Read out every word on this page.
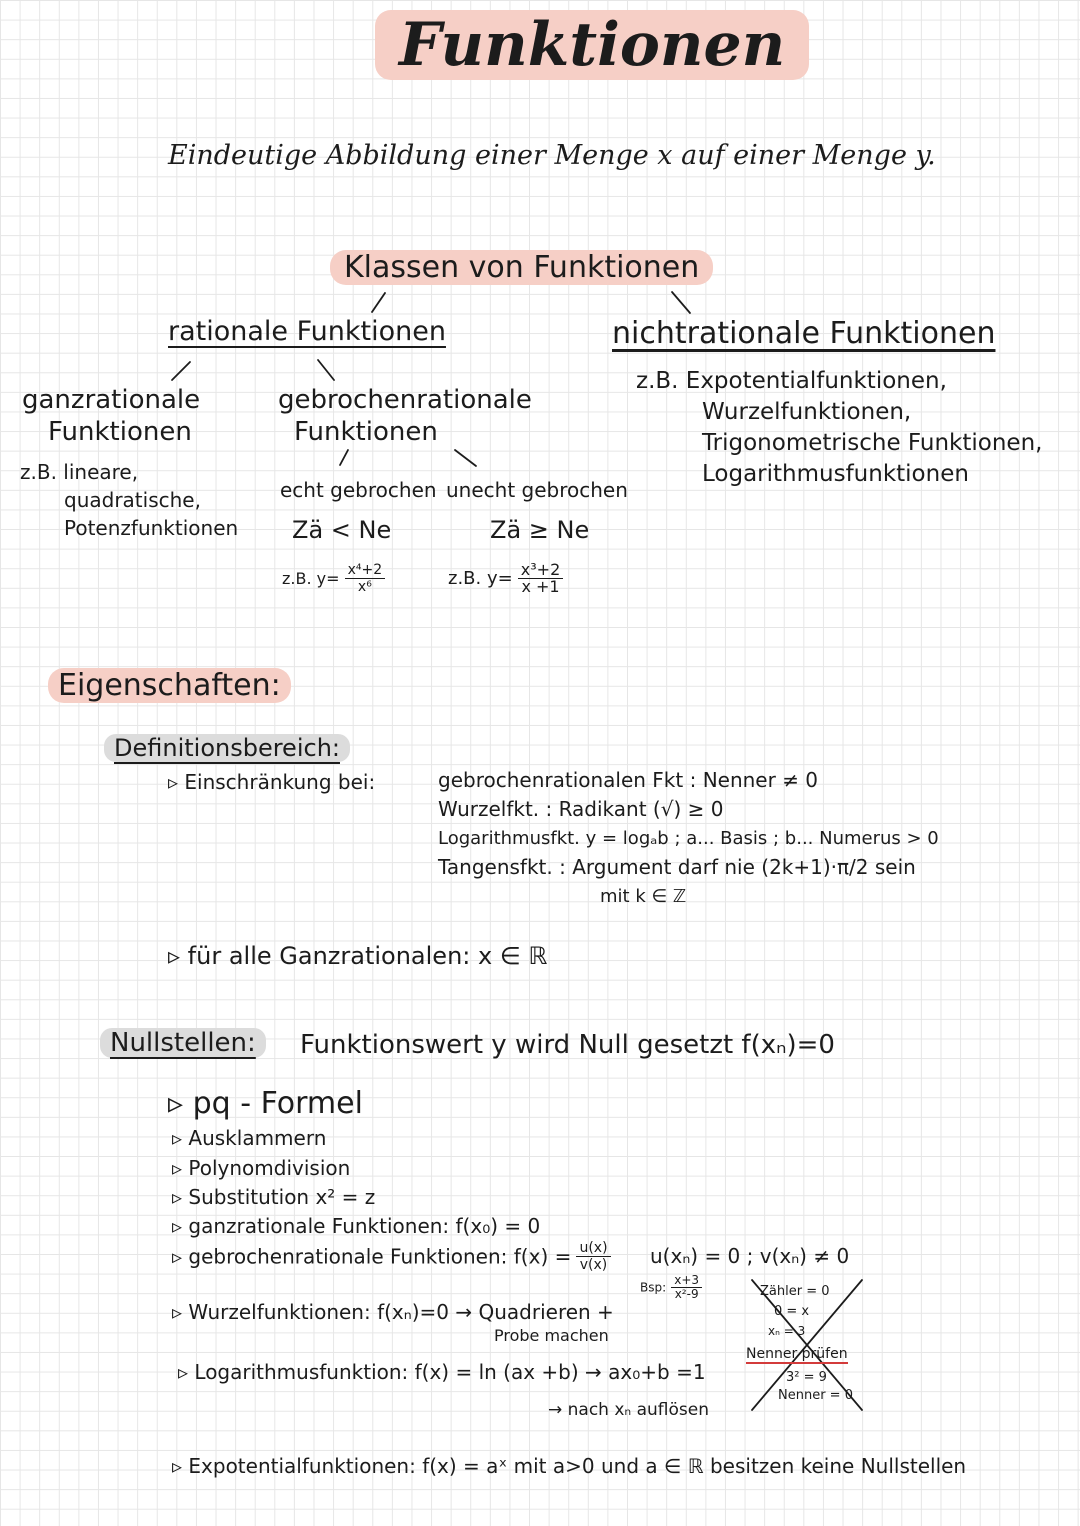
Funktionen
Eindeutige Abbildung einer Menge x auf einer Menge y.
Klassen von Funktionen
rationale Funktionen
ganzrationale
Funktionen
z.B. lineare,
quadratische,
Potenzfunktionen
gebrochenrationale
Funktionen
echt gebrochen unecht gebrochen
Zä < Ne	Zä ≥ Ne
z.B. $y= \frac{\text{x⁴+2}}{\text{x⁶}}$	z.B. $y= \frac{\text{x³+2}}{x +1}$
nichtrationale Funktionen
z.B. Expotentialfunktionen,
Wurzelfunktionen,
Trigonometrische Funktionen,
Logarithmusfunktionen
Eigenschaften:
Definitionsbereich:
▹ Einschränkung bei:	gebrochenrationalen Fkt : Nenner ≠ 0
Wurzelfkt. : Radikant (√) ≥ 0
Logarithmusfkt. y = logₐb ; a... Basis ; b... Numerus > 0
Tangensfkt. : Argument darf nie (2k+1)·π/2 sein
mit k ∈ ℤ
▹ für alle Ganzrationalen: x ∈ ℝ
Nullstellen:	Funktionswert y wird Null gesetzt f(xₙ)=0
▹ pq - Formel
▹ Ausklammern
▹ Polynomdivision
▹ Substitution x² = z
▹ ganzrationale Funktionen: f(x₀) = 0
▹ gebrochenrationale Funktionen: $f(x) = \frac{u(x)}{v(x)} u(x_n) = 0$ ; v(xₙ) ≠ 0
Bsp: $\frac{x+3}{\text{x²-9}}$	Zähler = 0
0 = x
xₙ = 3
Nenner prüfen
3² = 9
Nenner = 0
▹ Wurzelfunktionen: f(xₙ)=0 → Quadrieren +
Probe machen
▹ Logarithmusfunktion: f(x) = ln (ax +b) → ax₀+b =1
→ nach xₙ auflösen
▹ Expotentialfunktionen: f(x) = aˣ mit a>0 und a ∈ ℝ besitzen keine Nullstellen
